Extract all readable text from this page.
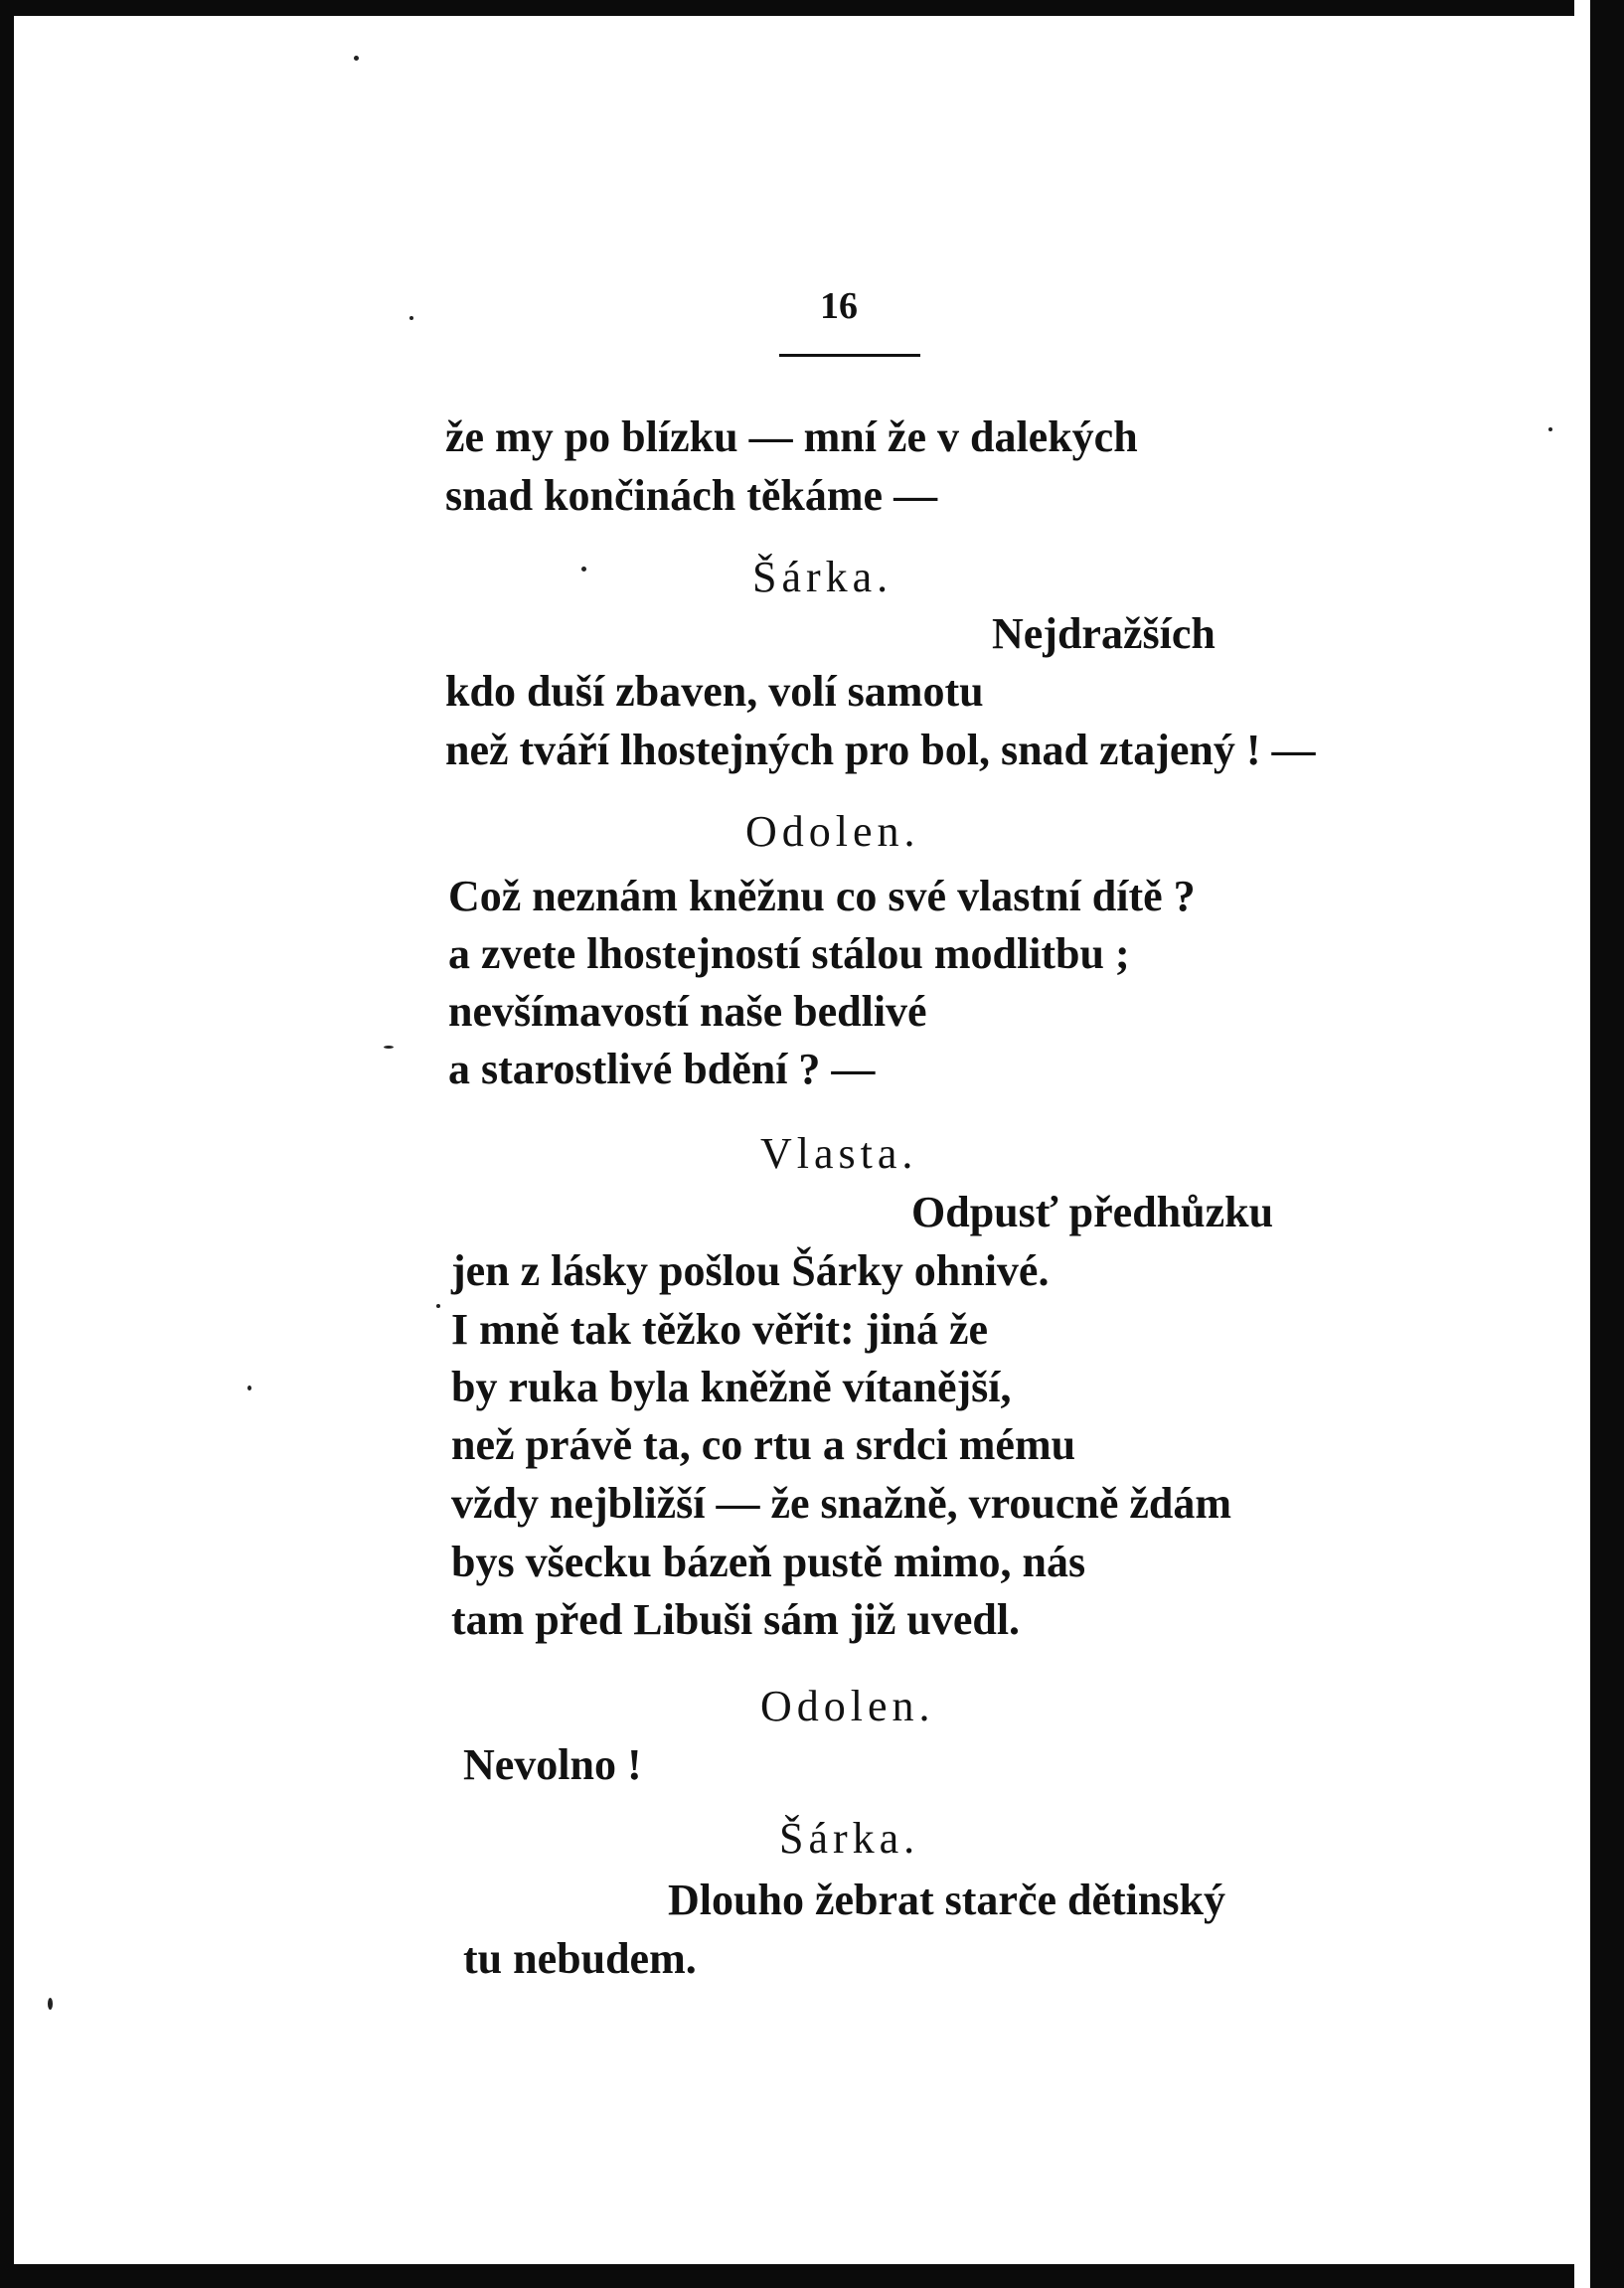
16
že my po blízku — mní že v dalekých
snad končinách těkáme —
Šárka.
Nejdražších
kdo duší zbaven, volí samotu
než tváří lhostejných pro bol, snad ztajený ! —
Odolen.
Což neznám kněžnu co své vlastní dítě ?
a zvete lhostejností stálou modlitbu ;
nevšímavostí naše bedlivé
a starostlivé bdění ? —
Vlasta.
Odpusť předhůzku
jen z lásky pošlou Šárky ohnivé.
I mně tak těžko věřit: jiná že
by ruka byla kněžně vítanější,
než právě ta, co rtu a srdci mému
vždy nejbližší — že snažně, vroucně ždám
bys všecku bázeň pustě mimo, nás
tam před Libuši sám již uvedl.
Odolen.
Nevolno !
Šárka.
Dlouho žebrat starče dětinský
tu nebudem.
